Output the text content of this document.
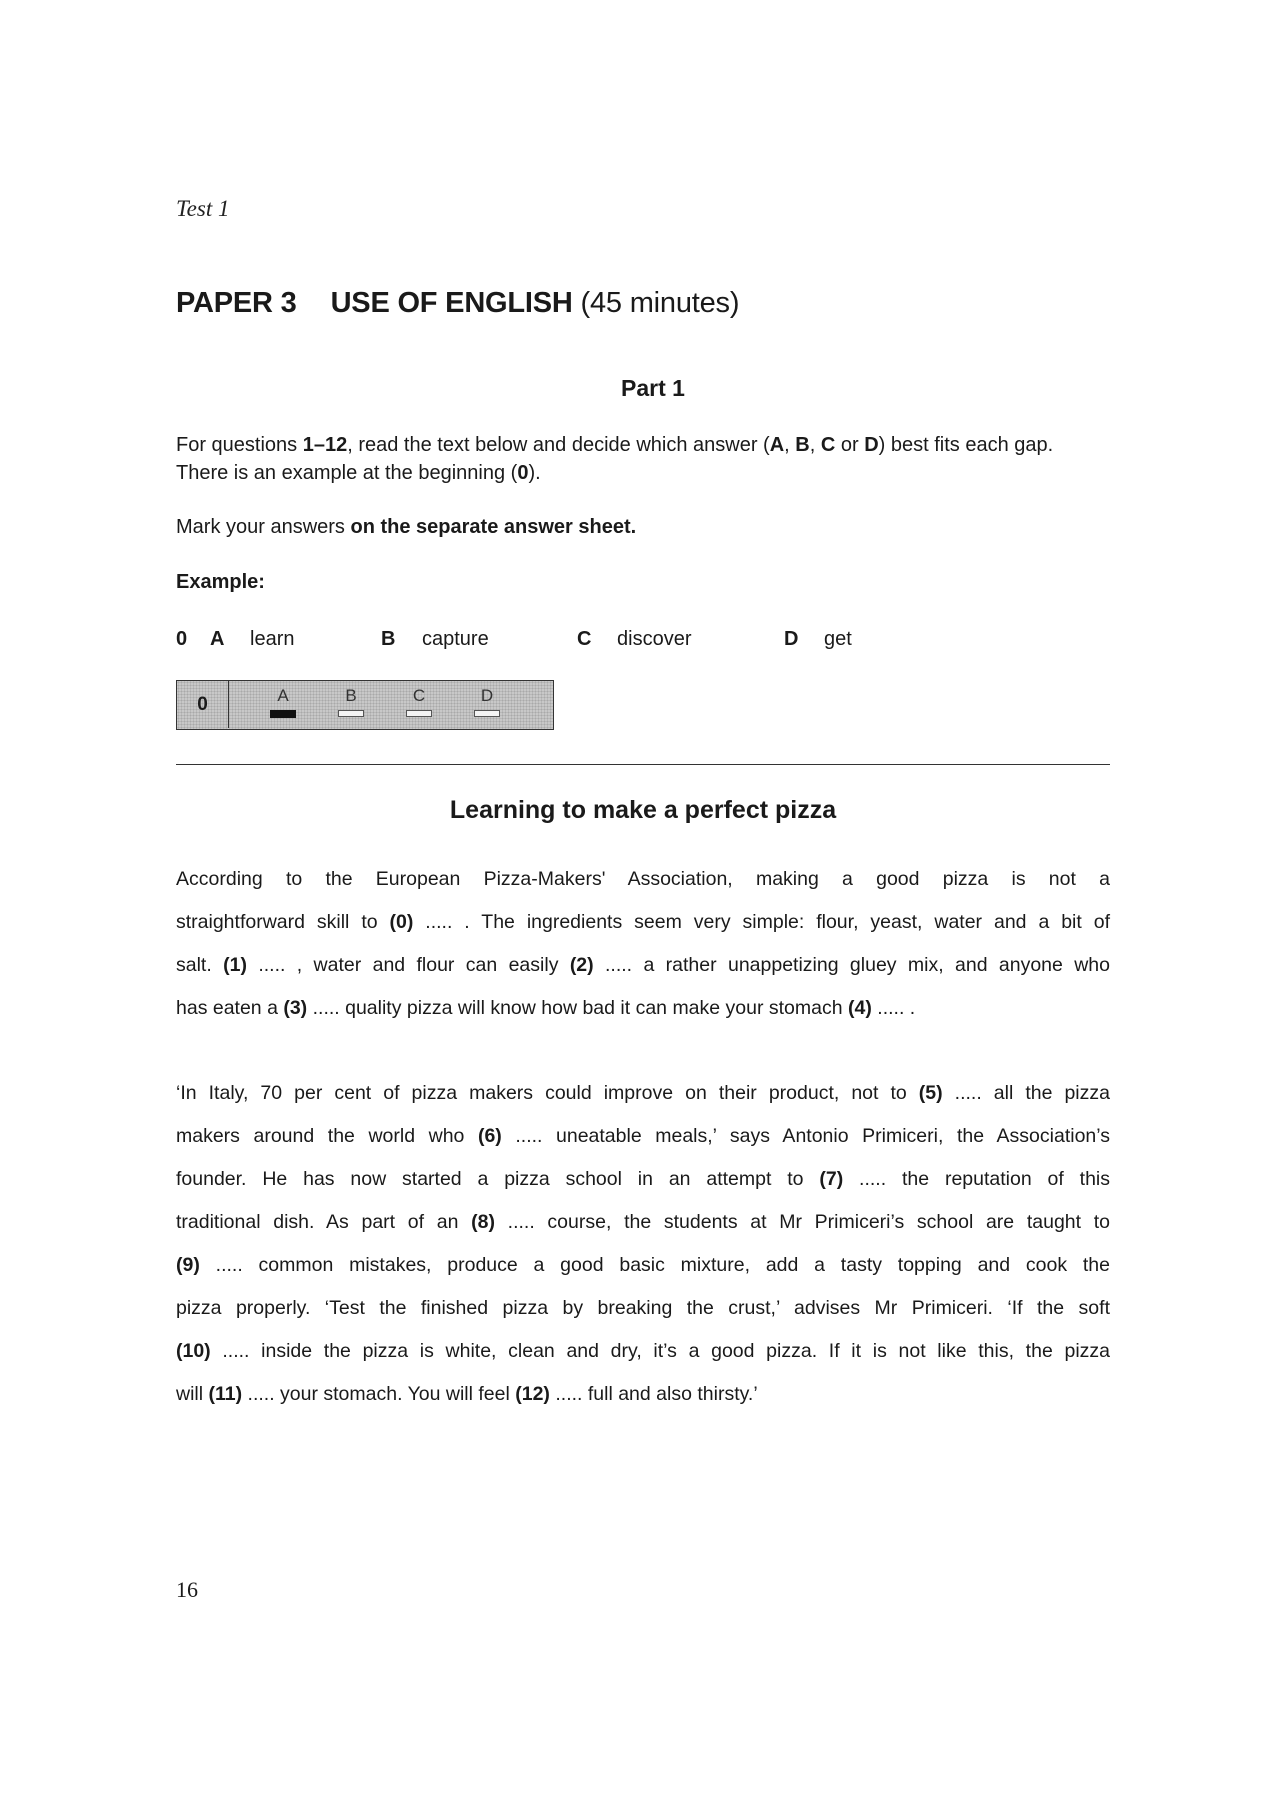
Test 1
PAPER 3 USE OF ENGLISH (45 minutes)
Part 1
For questions 1–12, read the text below and decide which answer (A, B, C or D) best fits each gap. There is an example at the beginning (0).
Mark your answers on the separate answer sheet.
Example:
0 A learn	B capture	C discover	D get
0	A	B	C	D
Learning to make a perfect pizza
According to the European Pizza-Makers' Association, making a good pizza is not a
straightforward skill to (0) ..... . The ingredients seem very simple: flour, yeast, water and a bit of
salt. (1) ..... , water and flour can easily (2) ..... a rather unappetizing gluey mix, and anyone who
has eaten a (3) ..... quality pizza will know how bad it can make your stomach (4) ..... .
‘In Italy, 70 per cent of pizza makers could improve on their product, not to (5) ..... all the pizza
makers around the world who (6) ..... uneatable meals,’ says Antonio Primiceri, the Association’s
founder. He has now started a pizza school in an attempt to (7) ..... the reputation of this
traditional dish. As part of an (8) ..... course, the students at Mr Primiceri’s school are taught to
(9) ..... common mistakes, produce a good basic mixture, add a tasty topping and cook the
pizza properly. ‘Test the finished pizza by breaking the crust,’ advises Mr Primiceri. ‘If the soft
(10) ..... inside the pizza is white, clean and dry, it’s a good pizza. If it is not like this, the pizza
will (11) ..... your stomach. You will feel (12) ..... full and also thirsty.’
16
